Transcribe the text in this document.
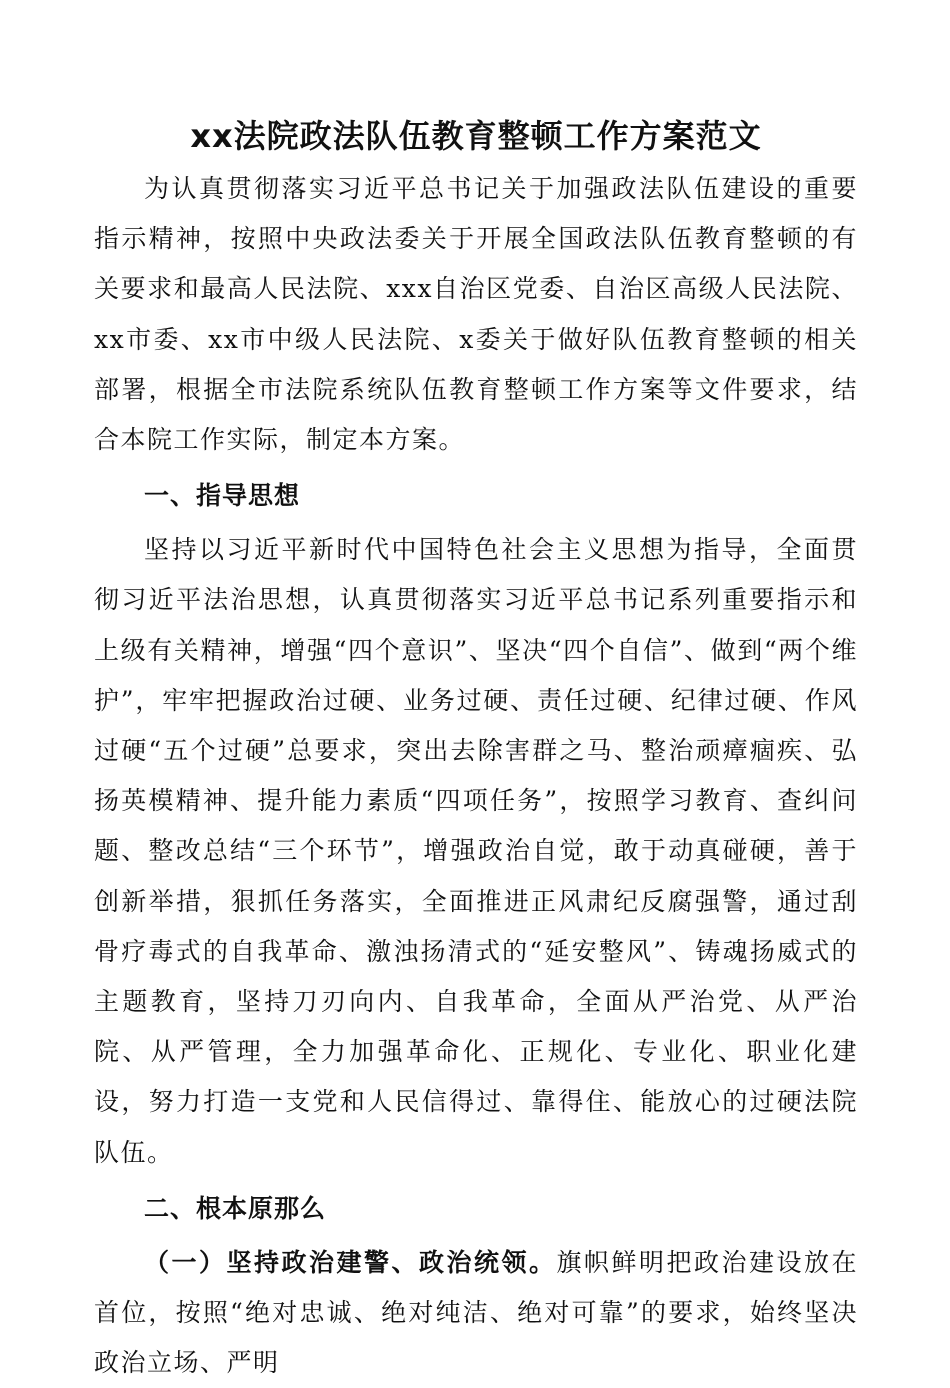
xx法院政法队伍教育整顿工作方案范文

为认真贯彻落实习近平总书记关于加强政法队伍建设的重要指示精神，按照中央政法委关于开展全国政法队伍教育整顿的有关要求和最高人民法院、xxx自治区党委、自治区高级人民法院、xx市委、xx市中级人民法院、x委关于做好队伍教育整顿的相关部署，根据全市法院系统队伍教育整顿工作方案等文件要求，结合本院工作实际，制定本方案。

一、指导思想

坚持以习近平新时代中国特色社会主义思想为指导，全面贯彻习近平法治思想，认真贯彻落实习近平总书记系列重要指示和上级有关精神，增强“四个意识”、坚决“四个自信”、做到“两个维护”，牢牢把握政治过硬、业务过硬、责任过硬、纪律过硬、作风过硬“五个过硬”总要求，突出去除害群之马、整治顽瘴痼疾、弘扬英模精神、提升能力素质“四项任务”，按照学习教育、查纠问题、整改总结“三个环节”，增强政治自觉，敢于动真碰硬，善于创新举措，狠抓任务落实，全面推进正风肃纪反腐强警，通过刮骨疗毒式的自我革命、激浊扬清式的“延安整风”、铸魂扬威式的主题教育，坚持刀刃向内、自我革命，全面从严治党、从严治院、从严管理，全力加强革命化、正规化、专业化、职业化建设，努力打造一支党和人民信得过、靠得住、能放心的过硬法院队伍。

二、根本原那么

（一）坚持政治建警、政治统领。旗帜鲜明把政治建设放在首位，按照“绝对忠诚、绝对纯洁、绝对可靠”的要求，始终坚决政治立场、严明
